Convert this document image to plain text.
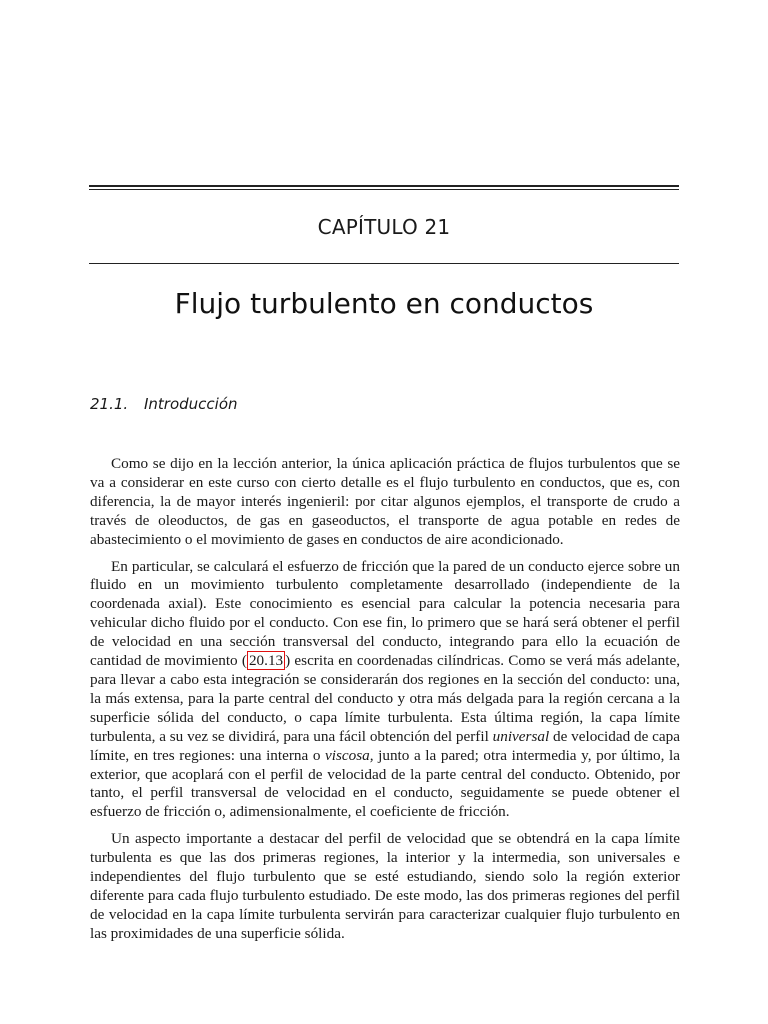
CAPÍTULO 21
Flujo turbulento en conductos
21.1. Introducción

Como se dijo en la lección anterior, la única aplicación práctica de flujos turbulentos que se va a considerar en este curso con cierto detalle es el flujo turbulento en conductos, que es, con diferencia, la de mayor interés ingenieril: por citar algunos ejemplos, el transporte de crudo a través de oleoductos, de gas en gaseoductos, el transporte de agua potable en redes de abastecimiento o el movimiento de gases en conductos de aire acondicionado.

En particular, se calculará el esfuerzo de fricción que la pared de un conducto ejerce sobre un fluido en un movimiento turbulento completamente desarrollado (independiente de la coordenada axial). Este conocimiento es esencial para calcular la potencia necesaria para vehicular dicho fluido por el conducto. Con ese fin, lo primero que se hará será obtener el perfil de velocidad en una sección transversal del conducto, integrando para ello la ecuación de cantidad de movimiento ( 20.13 ) escrita en coordenadas cilíndricas. Como se verá más adelante, para llevar a cabo esta integración se considerarán dos regiones en la sección del conducto: una, la más extensa, para la parte central del conducto y otra más delgada para la región cercana a la superficie sólida del conducto, o capa límite turbulenta. Esta última región, la capa límite turbulenta, a su vez se dividirá, para una fácil obtención del perfil universal de velocidad de capa límite, en tres regiones: una interna o viscosa, junto a la pared; otra intermedia y, por último, la exterior, que acoplará con el perfil de velocidad de la parte central del conducto. Obtenido, por tanto, el perfil transversal de velocidad en el conducto, seguidamente se puede obtener el esfuerzo de fricción o, adimensionalmente, el coeficiente de fricción.

Un aspecto importante a destacar del perfil de velocidad que se obtendrá en la capa límite turbulenta es que las dos primeras regiones, la interior y la intermedia, son universales e independientes del flujo turbulento que se esté estudiando, siendo solo la región exterior diferente para cada flujo turbulento estudiado. De este modo, las dos primeras regiones del perfil de velocidad en la capa límite turbulenta servirán para caracterizar cualquier flujo turbulento en las proximidades de una superficie sólida.
